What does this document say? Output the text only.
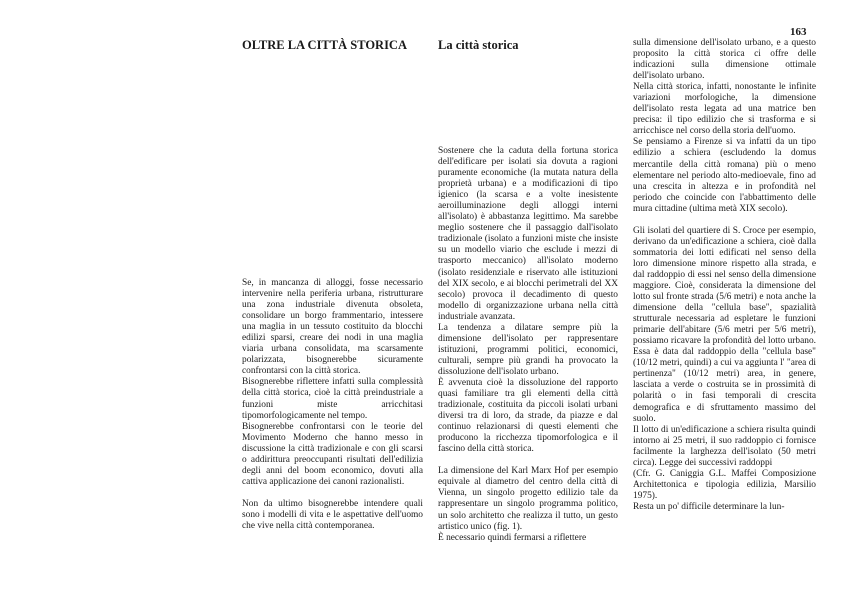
163
OLTRE LA CITTÀ STORICA La città storica

Se, in mancanza di alloggi, fosse necessario intervenire nella periferia urbana, ristrutturare una zona industriale divenuta obsoleta, consolidare un borgo frammentario, intessere una maglia in un tessuto costituito da blocchi edilizi sparsi, creare dei nodi in una maglia viaria urbana consolidata, ma scarsamente polarizzata, bisognerebbe sicuramente confrontarsi con la città storica.

Bisognerebbe riflettere infatti sulla complessità della città storica, cioè la città preindustriale a funzioni miste arricchitasi tipomorfologicamente nel tempo.

Bisognerebbe confrontarsi con le teorie del Movimento Moderno che hanno messo in discussione la città tradizionale e con gli scarsi o addirittura preoccupanti risultati dell'edilizia degli anni del boom economico, dovuti alla cattiva applicazione dei canoni razionalisti.

Non da ultimo bisognerebbe intendere quali sono i modelli di vita e le aspettative dell'uomo che vive nella città contemporanea.

Sostenere che la caduta della fortuna storica dell'edificare per isolati sia dovuta a ragioni puramente economiche (la mutata natura della proprietà urbana) e a modificazioni di tipo igienico (la scarsa e a volte inesistente aeroilluminazione degli alloggi interni all'isolato) è abbastanza legittimo. Ma sarebbe meglio sostenere che il passaggio dall'isolato tradizionale (isolato a funzioni miste che insiste su un modello viario che esclude i mezzi di trasporto meccanico) all'isolato moderno (isolato residenziale e riservato alle istituzioni del XIX secolo, e ai blocchi perimetrali del XX secolo) provoca il decadimento di questo modello di organizzazione urbana nella città industriale avanzata.

La tendenza a dilatare sempre più la dimensione dell'isolato per rappresentare istituzioni, programmi politici, economici, culturali, sempre più grandi ha provocato la dissoluzione dell'isolato urbano.

È avvenuta cioè la dissoluzione del rapporto quasi familiare tra gli elementi della città tradizionale, costituita da piccoli isolati urbani diversi tra di loro, da strade, da piazze e dal continuo relazionarsi di questi elementi che producono la ricchezza tipomorfologica e il fascino della città storica.

La dimensione del Karl Marx Hof per esempio equivale al diametro del centro della città di Vienna, un singolo progetto edilizio tale da rappresentare un singolo programma politico, un solo architetto che realizza il tutto, un gesto artistico unico (fig. 1).

È necessario quindi fermarsi a riflettere

sulla dimensione dell'isolato urbano, e a questo proposito la città storica ci offre delle indicazioni sulla dimensione ottimale dell'isolato urbano.

Nella città storica, infatti, nonostante le infinite variazioni morfologiche, la dimensione dell'isolato resta legata ad una matrice ben precisa: il tipo edilizio che si trasforma e si arricchisce nel corso della storia dell'uomo.

Se pensiamo a Firenze si va infatti da un tipo edilizio a schiera (escludendo la domus mercantile della città romana) più o meno elementare nel periodo alto-medioevale, fino ad una crescita in altezza e in profondità nel periodo che coincide con l'abbattimento delle mura cittadine (ultima metà XIX secolo).

Gli isolati del quartiere di S. Croce per esempio, derivano da un'edificazione a schiera, cioè dalla sommatoria dei lotti edificati nel senso della loro dimensione minore rispetto alla strada, e dal raddoppio di essi nel senso della dimensione maggiore. Cioè, considerata la dimensione del lotto sul fronte strada (5/6 metri) e nota anche la dimensione della "cellula base", spazialità strutturale necessaria ad espletare le funzioni primarie dell'abitare (5/6 metri per 5/6 metri), possiamo ricavare la profondità del lotto urbano. Essa è data dal raddoppio della "cellula base" (10/12 metri, quindi) a cui va aggiunta l' "area di pertinenza" (10/12 metri) area, in genere, lasciata a verde o costruita se in prossimità di polarità o in fasi temporali di crescita demografica e di sfruttamento massimo del suolo.

Il lotto di un'edificazione a schiera risulta quindi intorno ai 25 metri, il suo raddoppio ci fornisce facilmente la larghezza dell'isolato (50 metri circa). Legge dei successivi raddoppi

(Cfr. G. Caniggia G.L. Maffei Composizione Architettonica e tipologia edilizia, Marsilio 1975).

Resta un po' difficile determinare la lun-
